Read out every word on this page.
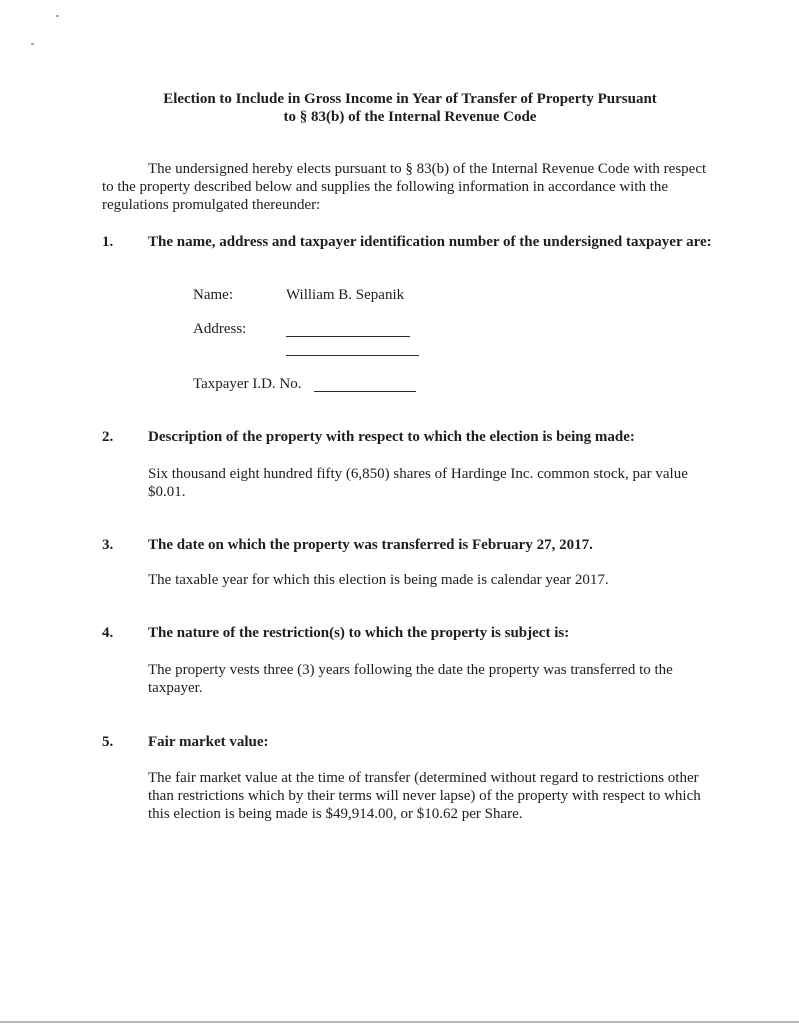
Election to Include in Gross Income in Year of Transfer of Property Pursuant
to § 83(b) of the Internal Revenue Code
The undersigned hereby elects pursuant to § 83(b) of the Internal Revenue Code with respect to the property described below and supplies the following information in accordance with the regulations promulgated thereunder:
1. The name, address and taxpayer identification number of the undersigned taxpayer are:
Name:	William B. Sepanik
Address:
Taxpayer I.D. No.
2. Description of the property with respect to which the election is being made:
Six thousand eight hundred fifty (6,850) shares of Hardinge Inc. common stock, par value $0.01.
3. The date on which the property was transferred is February 27, 2017.
The taxable year for which this election is being made is calendar year 2017.
4. The nature of the restriction(s) to which the property is subject is:
The property vests three (3) years following the date the property was transferred to the taxpayer.
5. Fair market value:
The fair market value at the time of transfer (determined without regard to restrictions other than restrictions which by their terms will never lapse) of the property with respect to which this election is being made is $49,914.00, or $10.62 per Share.
